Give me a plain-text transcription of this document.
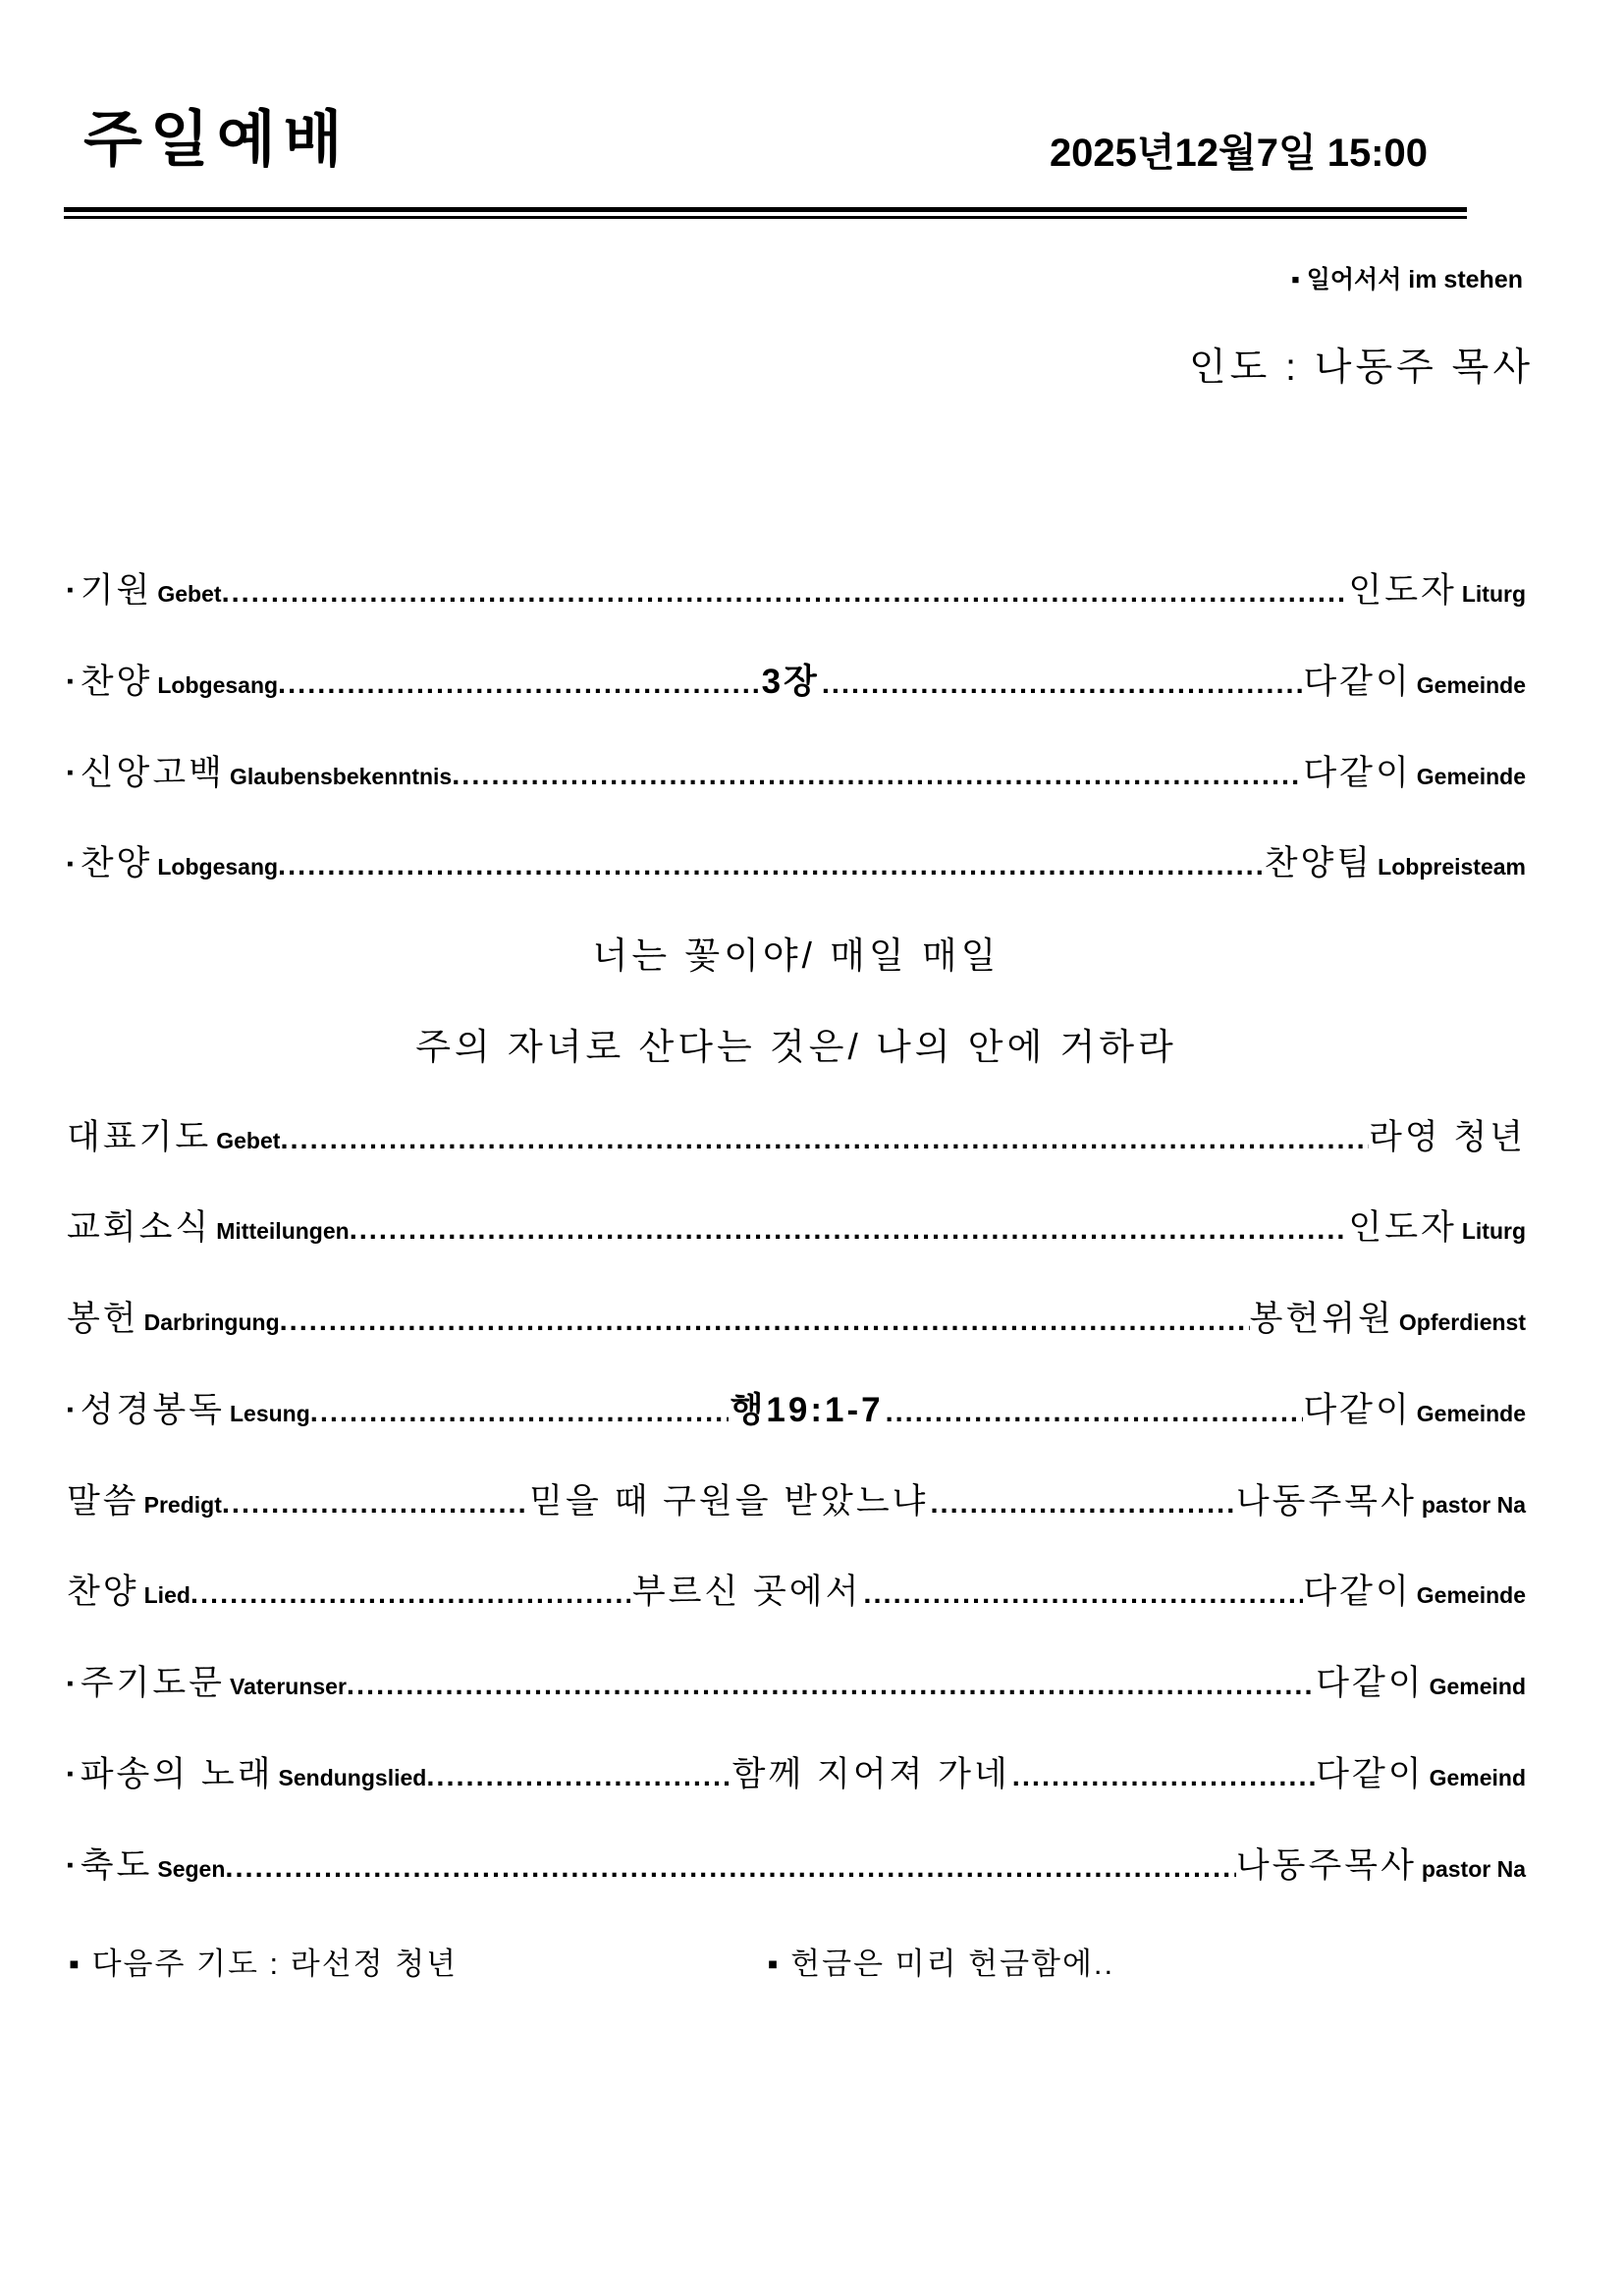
주일예배	2025년12월7일 15:00
▪ 일어서서 im stehen
인도 : 나동주 목사
▪ 기원 Gebet .....	인도자 Liturg
▪ 찬양 Lobgesang .....	3장 .....	다같이 Gemeinde
▪ 신앙고백 Glaubensbekenntnis .....	다같이 Gemeinde
▪ 찬양 Lobgesang .....	찬양팀 Lobpreisteam
너는 꽃이야/ 매일 매일
주의 자녀로 산다는 것은/ 나의 안에 거하라
대표기도 Gebet .....	라영 청년
교회소식 Mitteilungen .....	인도자 Liturg
봉헌 Darbringung .....	봉헌위원 Opferdienst
▪ 성경봉독 Lesung .....	행19:1-7 .....	다같이 Gemeinde
말씀 Predigt .....	믿을 때 구원을 받았느냐 .....	나동주목사 pastor Na
찬양 Lied .....	부르신 곳에서 .....	다같이 Gemeinde
▪ 주기도문 Vaterunser .....	다같이 Gemeind
▪ 파송의 노래 Sendungslied .....	함께 지어져 가네 .....	다같이 Gemeind
▪ 축도 Segen .....	나동주목사 pastor Na
▪ 다음주 기도 : 라선정 청년	▪ 헌금은 미리 헌금함에..
